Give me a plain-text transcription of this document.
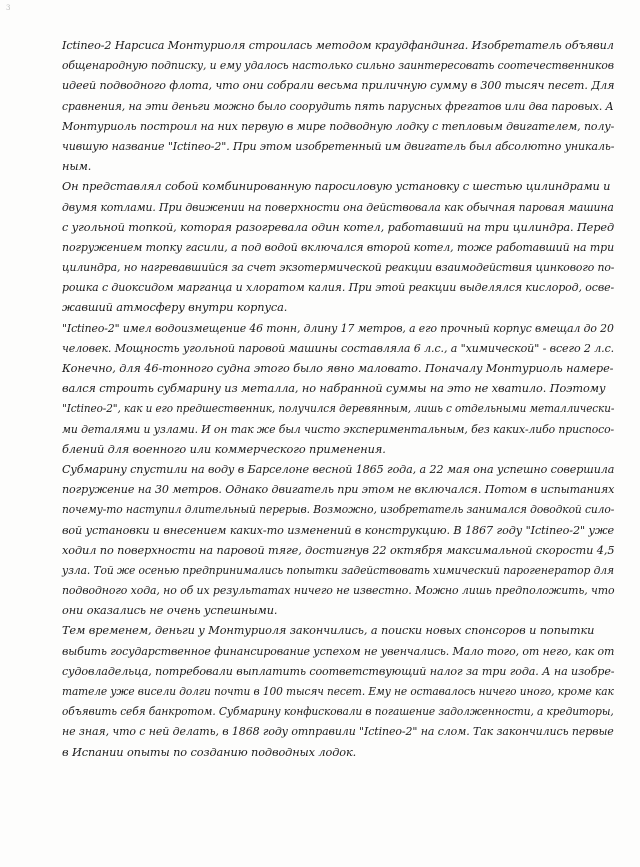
3
Ictineo-2 Нарсиса Монтуриоля строилась методом краудфандинга. Изобретатель объявил
общенародную подписку, и ему удалось настолько сильно заинтересовать соотечественников
идеей подводного флота, что они собрали весьма приличную сумму в 300 тысяч песет. Для
сравнения, на эти деньги можно было соорудить пять парусных фрегатов или два паровых. А
Монтуриоль построил на них первую в мире подводную лодку с тепловым двигателем, полу-
чившую название "Ictineo-2". При этом изобретенный им двигатель был абсолютно уникаль-
ным.
Он представлял собой комбинированную паросиловую установку с шестью цилиндрами и
двумя котлами. При движении на поверхности она действовала как обычная паровая машина
с угольной топкой, которая разогревала один котел, работавший на три цилиндра. Перед
погружением топку гасили, а под водой включался второй котел, тоже работавший на три
цилиндра, но нагревавшийся за счет экзотермической реакции взаимодействия цинкового по-
рошка с диоксидом марганца и хлоратом калия. При этой реакции выделялся кислород, осве-
жавший атмосферу внутри корпуса.
"Ictineo-2" имел водоизмещение 46 тонн, длину 17 метров, а его прочный корпус вмещал до 20
человек. Мощность угольной паровой машины составляла 6 л.с., а "химической" - всего 2 л.с.
Конечно, для 46-тонного судна этого было явно маловато. Поначалу Монтуриоль намере-
вался строить субмарину из металла, но набранной суммы на это не хватило. Поэтому
"Ictineo-2", как и его предшественник, получился деревянным, лишь с отдельными металлически-
ми деталями и узлами. И он так же был чисто экспериментальным, без каких-либо приспосо-
блений для военного или коммерческого применения.
Субмарину спустили на воду в Барселоне весной 1865 года, а 22 мая она успешно совершила
погружение на 30 метров. Однако двигатель при этом не включался. Потом в испытаниях
почему-то наступил длительный перерыв. Возможно, изобретатель занимался доводкой сило-
вой установки и внесением каких-то изменений в конструкцию. В 1867 году "Ictineo-2" уже
ходил по поверхности на паровой тяге, достигнув 22 октября максимальной скорости 4,5
узла. Той же осенью предпринимались попытки задействовать химический парогенератор для
подводного хода, но об их результатах ничего не известно. Можно лишь предположить, что
они оказались не очень успешными.
Тем временем, деньги у Монтуриоля закончились, а поиски новых спонсоров и попытки
выбить государственное финансирование успехом не увенчались. Мало того, от него, как от
судовладельца, потребовали выплатить соответствующий налог за три года. А на изобре-
тателе уже висели долги почти в 100 тысяч песет. Ему не оставалось ничего иного, кроме как
объявить себя банкротом. Субмарину конфисковали в погашение задолженности, а кредиторы,
не зная, что с ней делать, в 1868 году отправили "Ictineo-2" на слом. Так закончились первые
в Испании опыты по созданию подводных лодок.
